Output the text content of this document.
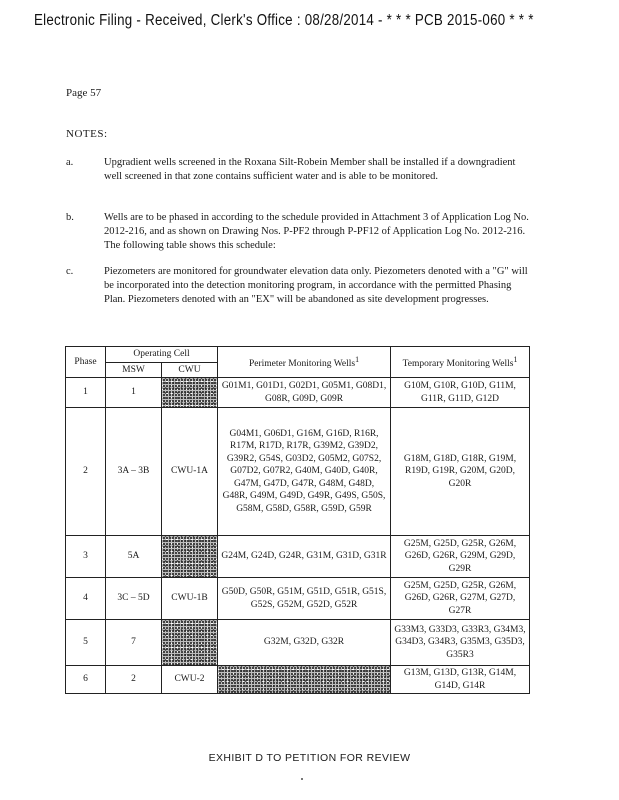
Electronic Filing - Received, Clerk's Office : 08/28/2014 - * * * PCB 2015-060 * * *
Page 57
NOTES:
a.	Upgradient wells screened in the Roxana Silt-Robein Member shall be installed if a downgradient well screened in that zone contains sufficient water and is able to be monitored.
b.	Wells are to be phased in according to the schedule provided in Attachment 3 of Application Log No. 2012-216, and as shown on Drawing Nos. P-PF2 through P-PF12 of Application Log No. 2012-216. The following table shows this schedule:
c.	Piezometers are monitored for groundwater elevation data only. Piezometers denoted with a "G" will be incorporated into the detection monitoring program, in accordance with the permitted Phasing Plan. Piezometers denoted with an "EX" will be abandoned as site development progresses.
Phase	Operating Cell		Perimeter Monitoring Wells$^1$	Temporary Monitoring Wells$^1$
	MSW	CWU		
1	1		G01M1, G01D1, G02D1, G05M1, G08D1, G08R, G09D, G09R	G10M, G10R, G10D, G11M, G11R, G11D, G12D
2	3A – 3B	CWU-1A	G04M1, G06D1, G16M, G16D, R16R, R17M, R17D, R17R, G39M2, G39D2, G39R2, G54S, G03D2, G05M2, G07S2, G07D2, G07R2, G40M, G40D, G40R, G47M, G47D, G47R, G48M, G48D, G48R, G49M, G49D, G49R, G49S, G50S, G58M, G58D, G58R, G59D, G59R	G18M, G18D, G18R, G19M, R19D, G19R, G20M, G20D, G20R
3	5A		G24M, G24D, G24R, G31M, G31D, G31R	G25M, G25D, G25R, G26M, G26D, G26R, G29M, G29D, G29R
4	3C – 5D	CWU-1B	G50D, G50R, G51M, G51D, G51R, G51S, G52S, G52M, G52D, G52R	G25M, G25D, G25R, G26M, G26D, G26R, G27M, G27D, G27R
5	7		G32M, G32D, G32R	G33M3, G33D3, G33R3, G34M3, G34D3, G34R3, G35M3, G35D3, G35R3
6	2	CWU-2		G13M, G13D, G13R, G14M, G14D, G14R
EXHIBIT D TO PETITION FOR REVIEW
